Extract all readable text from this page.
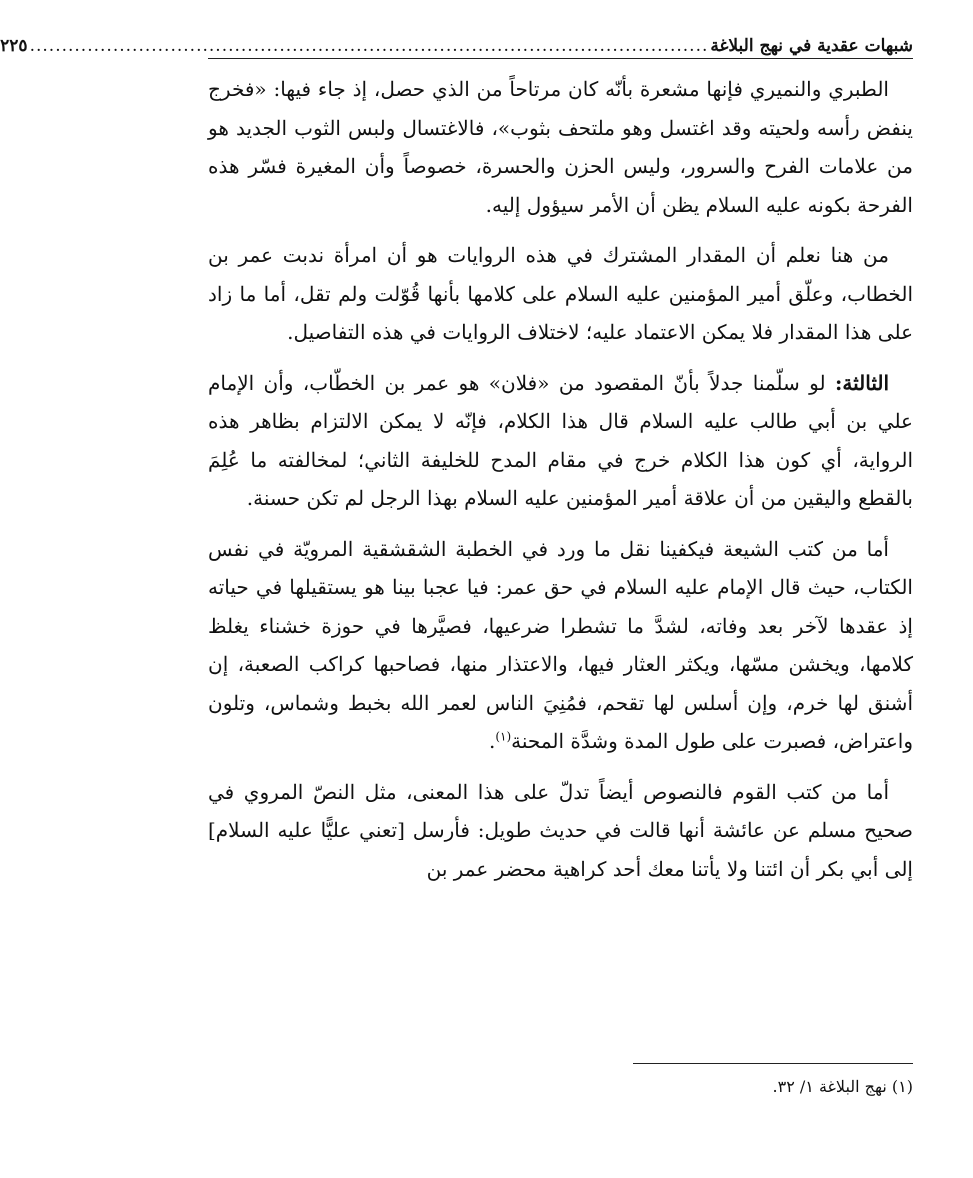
شبهات عقدية في نهج البلاغة
..........................................................................................................
٢٢٥

الطبري والنميري فإنها مشعرة بأنّه كان مرتاحاً من الذي حصل، إذ جاء فيها: «فخرج ينفض رأسه ولحيته وقد اغتسل وهو ملتحف بثوب»، فالاغتسال ولبس الثوب الجديد هو من علامات الفرح والسرور، وليس الحزن والحسرة، خصوصاً وأن المغيرة فسّر هذه الفرحة بكونه عليه السلام يظن أن الأمر سيؤول إليه.

من هنا نعلم أن المقدار المشترك في هذه الروايات هو أن امرأة ندبت عمر بن الخطاب، وعلّق أمير المؤمنين عليه السلام على كلامها بأنها قُوّلت ولم تقل، أما ما زاد على هذا المقدار فلا يمكن الاعتماد عليه؛ لاختلاف الروايات في هذه التفاصيل.

الثالثة: لو سلّمنا جدلاً بأنّ المقصود من «فلان» هو عمر بن الخطّاب، وأن الإمام علي بن أبي طالب عليه السلام قال هذا الكلام، فإنّه لا يمكن الالتزام بظاهر هذه الرواية، أي كون هذا الكلام خرج في مقام المدح للخليفة الثاني؛ لمخالفته ما عُلِمَ بالقطع واليقين من أن علاقة أمير المؤمنين عليه السلام بهذا الرجل لم تكن حسنة.

أما من كتب الشيعة فيكفينا نقل ما ورد في الخطبة الشقشقية المرويّة في نفس الكتاب، حيث قال الإمام عليه السلام في حق عمر: فيا عجبا بينا هو يستقيلها في حياته إذ عقدها لآخر بعد وفاته، لشدَّ ما تشطرا ضرعيها، فصيَّرها في حوزة خشناء يغلظ كلامها، ويخشن مسّها، ويكثر العثار فيها، والاعتذار منها، فصاحبها كراكب الصعبة، إن أشنق لها خرم، وإن أسلس لها تقحم، فمُنِيَ الناس لعمر الله بخبط وشماس، وتلون واعتراض، فصبرت على طول المدة وشدَّة المحنة$^{(١)}$.

أما من كتب القوم فالنصوص أيضاً تدلّ على هذا المعنى، مثل النصّ المروي في صحيح مسلم عن عائشة أنها قالت في حديث طويل: فأرسل [تعني عليًّا عليه السلام] إلى أبي بكر أن ائتنا ولا يأتنا معك أحد كراهية محضر عمر بن

(١) نهج البلاغة ١/ ٣٢.
